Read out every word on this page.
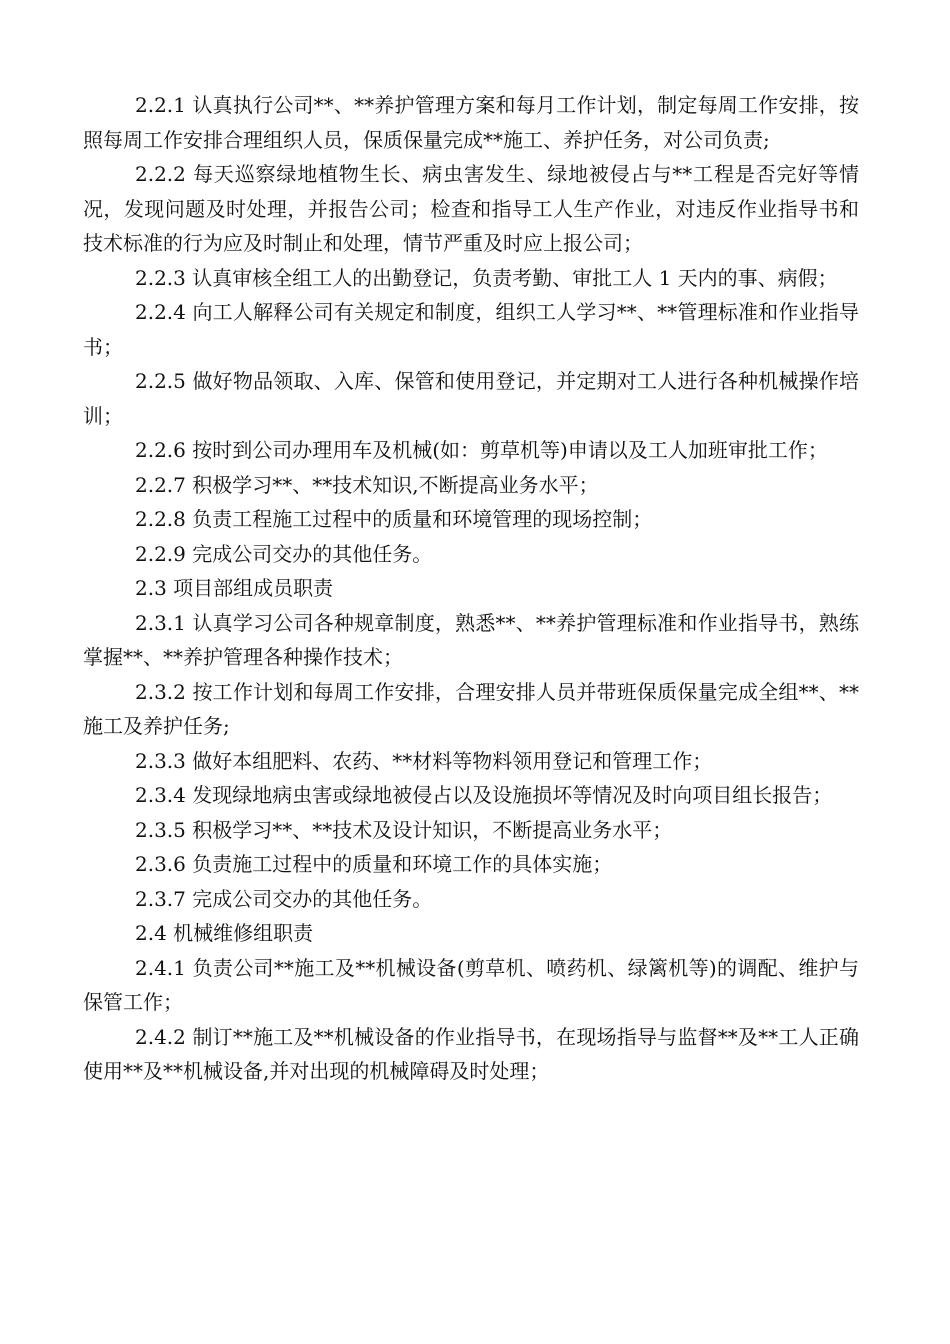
2.2.1 认真执行公司**、**养护管理方案和每月工作计划，制定每周工作安排，按照每周工作安排合理组织人员，保质保量完成**施工、养护任务，对公司负责;

2.2.2 每天巡察绿地植物生长、病虫害发生、绿地被侵占与**工程是否完好等情况，发现问题及时处理，并报告公司；检查和指导工人生产作业，对违反作业指导书和技术标准的行为应及时制止和处理，情节严重及时应上报公司；

2.2.3 认真审核全组工人的出勤登记，负责考勤、审批工人 1 天内的事、病假；

2.2.4 向工人解释公司有关规定和制度，组织工人学习**、**管理标准和作业指导书；

2.2.5 做好物品领取、入库、保管和使用登记，并定期对工人进行各种机械操作培训；

2.2.6 按时到公司办理用车及机械(如：剪草机等)申请以及工人加班审批工作；

2.2.7 积极学习**、**技术知识,不断提高业务水平；

2.2.8 负责工程施工过程中的质量和环境管理的现场控制；

2.2.9 完成公司交办的其他任务。

2.3 项目部组成员职责

2.3.1 认真学习公司各种规章制度，熟悉**、**养护管理标准和作业指导书，熟练掌握**、**养护管理各种操作技术；

2.3.2 按工作计划和每周工作安排，合理安排人员并带班保质保量完成全组**、**施工及养护任务;

2.3.3 做好本组肥料、农药、**材料等物料领用登记和管理工作；

2.3.4 发现绿地病虫害或绿地被侵占以及设施损坏等情况及时向项目组长报告；

2.3.5 积极学习**、**技术及设计知识，不断提高业务水平；

2.3.6 负责施工过程中的质量和环境工作的具体实施；

2.3.7 完成公司交办的其他任务。

2.4 机械维修组职责

2.4.1 负责公司**施工及**机械设备(剪草机、喷药机、绿篱机等)的调配、维护与保管工作；

2.4.2 制订**施工及**机械设备的作业指导书，在现场指导与监督**及**工人正确使用**及**机械设备,并对出现的机械障碍及时处理；
